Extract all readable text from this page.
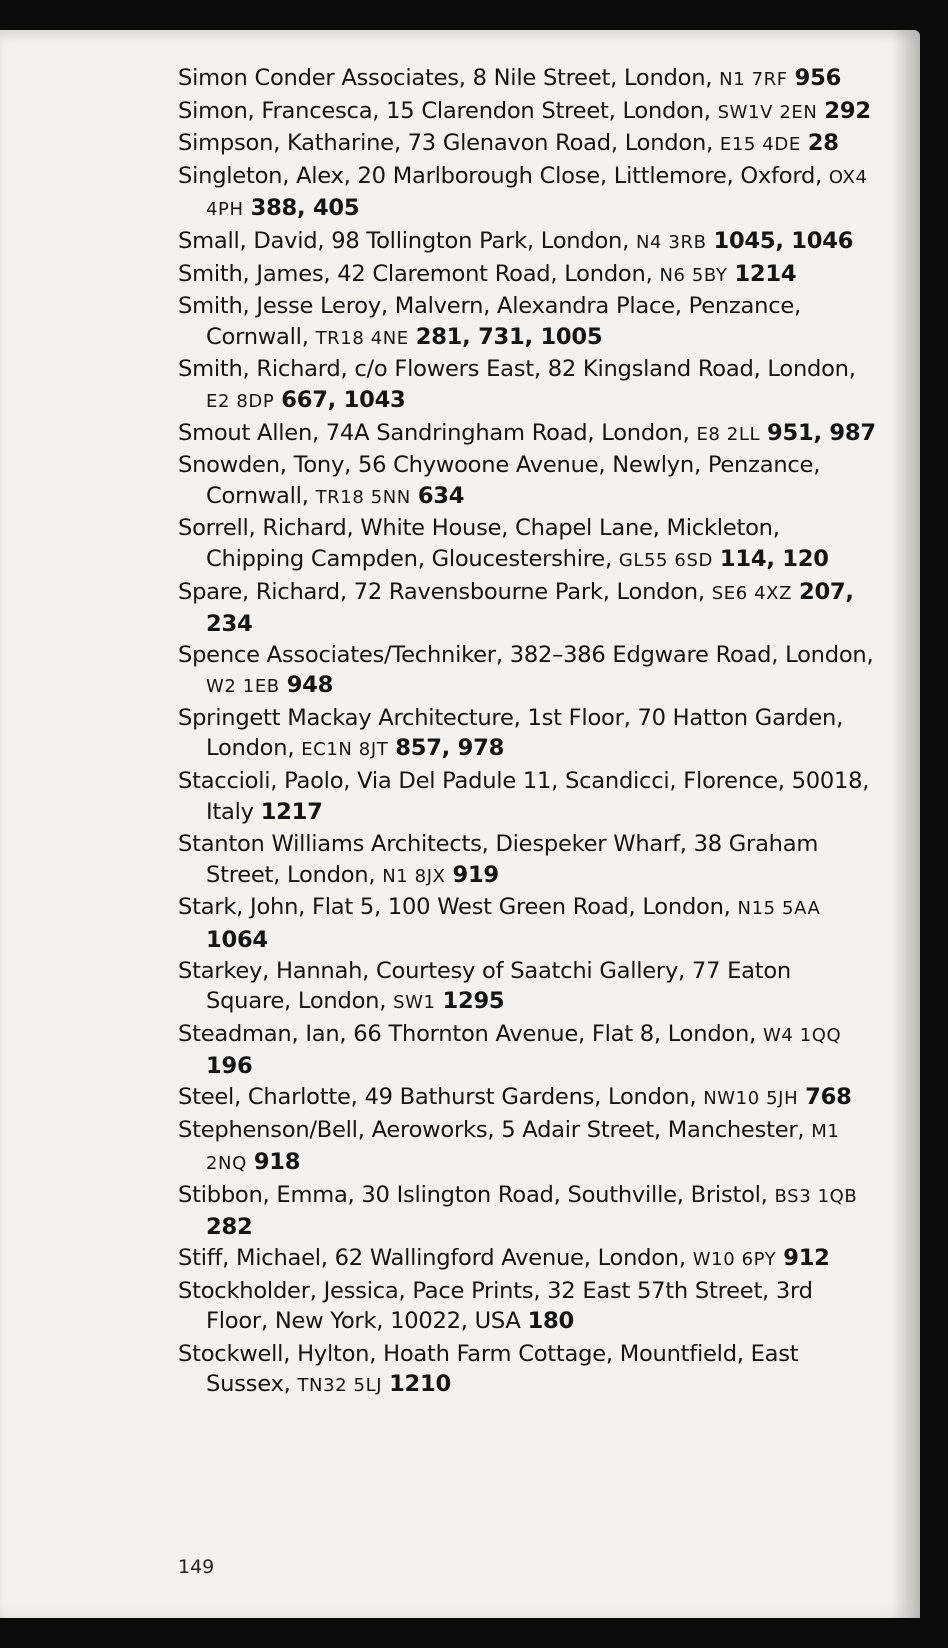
Simon Conder Associates, 8 Nile Street, London, N1 7RF 956
Simon, Francesca, 15 Clarendon Street, London, SW1V 2EN 292
Simpson, Katharine, 73 Glenavon Road, London, E15 4DE 28
Singleton, Alex, 20 Marlborough Close, Littlemore, Oxford, OX4 4PH 388, 405
Small, David, 98 Tollington Park, London, N4 3RB 1045, 1046
Smith, James, 42 Claremont Road, London, N6 5BY 1214
Smith, Jesse Leroy, Malvern, Alexandra Place, Penzance, Cornwall, TR18 4NE 281, 731, 1005
Smith, Richard, c/o Flowers East, 82 Kingsland Road, London, E2 8DP 667, 1043
Smout Allen, 74A Sandringham Road, London, E8 2LL 951, 987
Snowden, Tony, 56 Chywoone Avenue, Newlyn, Penzance, Cornwall, TR18 5NN 634
Sorrell, Richard, White House, Chapel Lane, Mickleton, Chipping Campden, Gloucestershire, GL55 6SD 114, 120
Spare, Richard, 72 Ravensbourne Park, London, SE6 4XZ 207, 234
Spence Associates/Techniker, 382–386 Edgware Road, London, W2 1EB 948
Springett Mackay Architecture, 1st Floor, 70 Hatton Garden, London, EC1N 8JT 857, 978
Staccioli, Paolo, Via Del Padule 11, Scandicci, Florence, 50018, Italy 1217
Stanton Williams Architects, Diespeker Wharf, 38 Graham Street, London, N1 8JX 919
Stark, John, Flat 5, 100 West Green Road, London, N15 5AA 1064
Starkey, Hannah, Courtesy of Saatchi Gallery, 77 Eaton Square, London, SW1 1295
Steadman, Ian, 66 Thornton Avenue, Flat 8, London, W4 1QQ 196
Steel, Charlotte, 49 Bathurst Gardens, London, NW10 5JH 768
Stephenson/Bell, Aeroworks, 5 Adair Street, Manchester, M1 2NQ 918
Stibbon, Emma, 30 Islington Road, Southville, Bristol, BS3 1QB 282
Stiff, Michael, 62 Wallingford Avenue, London, W10 6PY 912
Stockholder, Jessica, Pace Prints, 32 East 57th Street, 3rd Floor, New York, 10022, USA 180
Stockwell, Hylton, Hoath Farm Cottage, Mountfield, East Sussex, TN32 5LJ 1210
149
